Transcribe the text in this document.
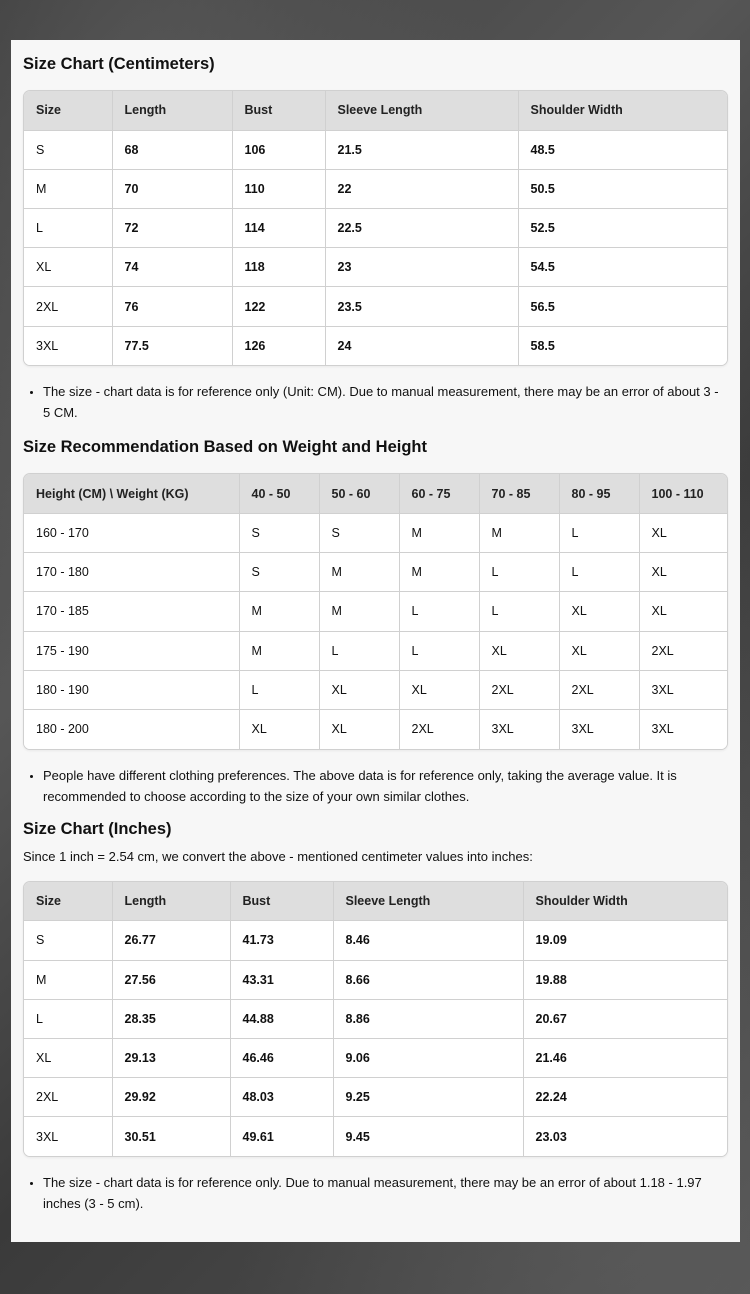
Size Chart (Centimeters)
Size	Length	Bust	Sleeve Length	Shoulder Width
S	68	106	21.5	48.5
M	70	110	22	50.5
L	72	114	22.5	52.5
XL	74	118	23	54.5
2XL	76	122	23.5	56.5
3XL	77.5	126	24	58.5
• The size - chart data is for reference only (Unit: CM). Due to manual measurement, there may be an error of about 3 - 5 CM.
Size Recommendation Based on Weight and Height
Height (CM) \ Weight (KG)	40 - 50	50 - 60	60 - 75	70 - 85	80 - 95	100 - 110
160 - 170	S	S	M	M	L	XL
170 - 180	S	M	M	L	L	XL
170 - 185	M	M	L	L	XL	XL
175 - 190	M	L	L	XL	XL	2XL
180 - 190	L	XL	XL	2XL	2XL	3XL
180 - 200	XL	XL	2XL	3XL	3XL	3XL
• People have different clothing preferences. The above data is for reference only, taking the average value. It is recommended to choose according to the size of your own similar clothes.
Size Chart (Inches)

Since 1 inch = 2.54 cm, we convert the above - mentioned centimeter values into inches:

Size	Length	Bust	Sleeve Length	Shoulder Width
S	26.77	41.73	8.46	19.09
M	27.56	43.31	8.66	19.88
L	28.35	44.88	8.86	20.67
XL	29.13	46.46	9.06	21.46
2XL	29.92	48.03	9.25	22.24
3XL	30.51	49.61	9.45	23.03
• The size - chart data is for reference only. Due to manual measurement, there may be an error of about 1.18 - 1.97 inches (3 - 5 cm).
